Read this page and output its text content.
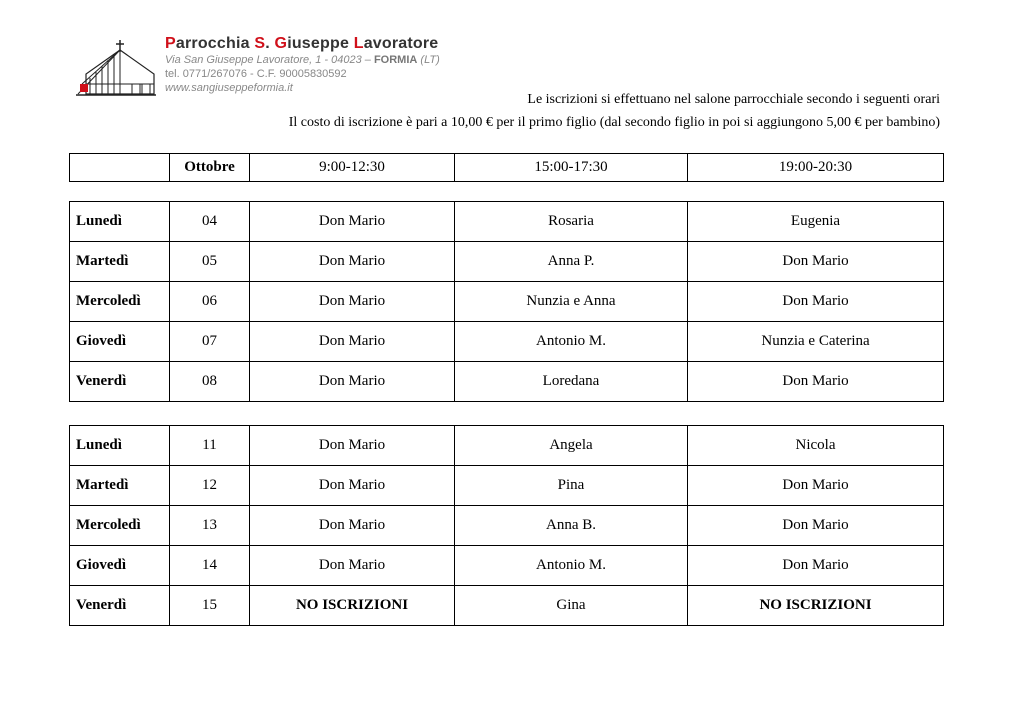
Parrocchia S. Giuseppe Lavoratore
Via San Giuseppe Lavoratore, 1 - 04023 – FORMIA (LT)
tel. 0771/267076 - C.F. 90005830592
www.sangiuseppeformia.it
Le iscrizioni si effettuano nel salone parrocchiale secondo i seguenti orari
Il costo di iscrizione è pari a 10,00 € per il primo figlio (dal secondo figlio in poi si aggiungono 5,00 € per bambino)
	Ottobre	9:00-12:30	15:00-17:30	19:00-20:30
Lunedì	04	Don Mario	Rosaria	Eugenia
Martedì	05	Don Mario	Anna P.	Don Mario
Mercoledì	06	Don Mario	Nunzia e Anna	Don Mario
Giovedì	07	Don Mario	Antonio M.	Nunzia e Caterina
Venerdì	08	Don Mario	Loredana	Don Mario
Lunedì	11	Don Mario	Angela	Nicola
Martedì	12	Don Mario	Pina	Don Mario
Mercoledì	13	Don Mario	Anna B.	Don Mario
Giovedì	14	Don Mario	Antonio M.	Don Mario
Venerdì	15	NO ISCRIZIONI	Gina	NO ISCRIZIONI
